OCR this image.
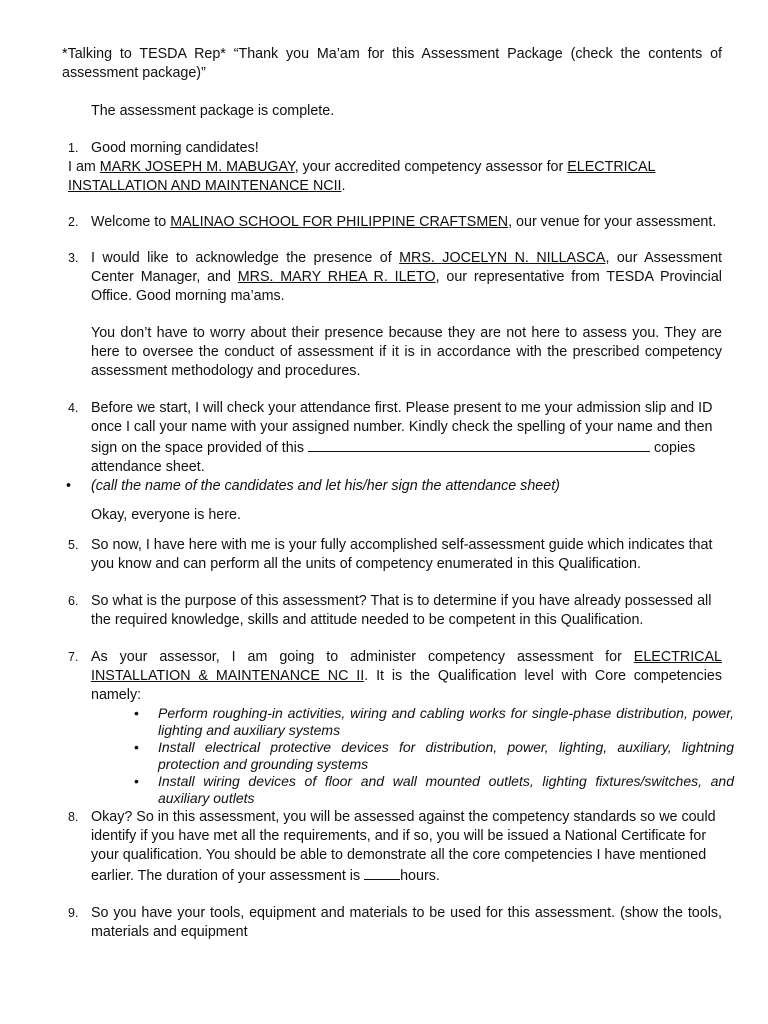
*Talking to TESDA Rep* “Thank you Ma’am for this Assessment Package (check the contents of assessment package)”

The assessment package is complete.

1. Good morning candidates!

I am MARK JOSEPH M. MABUGAY, your accredited competency assessor for ELECTRICAL INSTALLATION AND MAINTENANCE NCII.

2. Welcome to MALINAO SCHOOL FOR PHILIPPINE CRAFTSMEN, our venue for your assessment.

3. I would like to acknowledge the presence of MRS. JOCELYN N. NILLASCA, our Assessment Center Manager, and MRS. MARY RHEA R. ILETO, our representative from TESDA Provincial Office. Good morning ma’ams.

You don’t have to worry about their presence because they are not here to assess you. They are here to oversee the conduct of assessment if it is in accordance with the prescribed competency assessment methodology and procedures.

4. Before we start, I will check your attendance first. Please present to me your admission slip and ID once I call your name with your assigned number. Kindly check the spelling of your name and then sign on the space provided of this	copies attendance sheet.

• (call the name of the candidates and let his/her sign the attendance sheet)

Okay, everyone is here.

5. So now, I have here with me is your fully accomplished self-assessment guide which indicates that you know and can perform all the units of competency enumerated in this Qualification.

6. So what is the purpose of this assessment? That is to determine if you have already possessed all the required knowledge, skills and attitude needed to be competent in this Qualification.

7. As your assessor, I am going to administer competency assessment for ELECTRICAL INSTALLATION & MAINTENANCE NC II. It is the Qualification level with Core competencies namely:

• Perform roughing-in activities, wiring and cabling works for single-phase distribution, power, lighting and auxiliary systems
• Install electrical protective devices for distribution, power, lighting, auxiliary, lightning protection and grounding systems
• Install wiring devices of floor and wall mounted outlets, lighting fixtures/switches, and auxiliary outlets
8. Okay? So in this assessment, you will be assessed against the competency standards so we could identify if you have met all the requirements, and if so, you will be issued a National Certificate for your qualification. You should be able to demonstrate all the core competencies I have mentioned earlier. The duration of your assessment is	hours.

9. So you have your tools, equipment and materials to be used for this assessment. (show the tools, materials and equipment
